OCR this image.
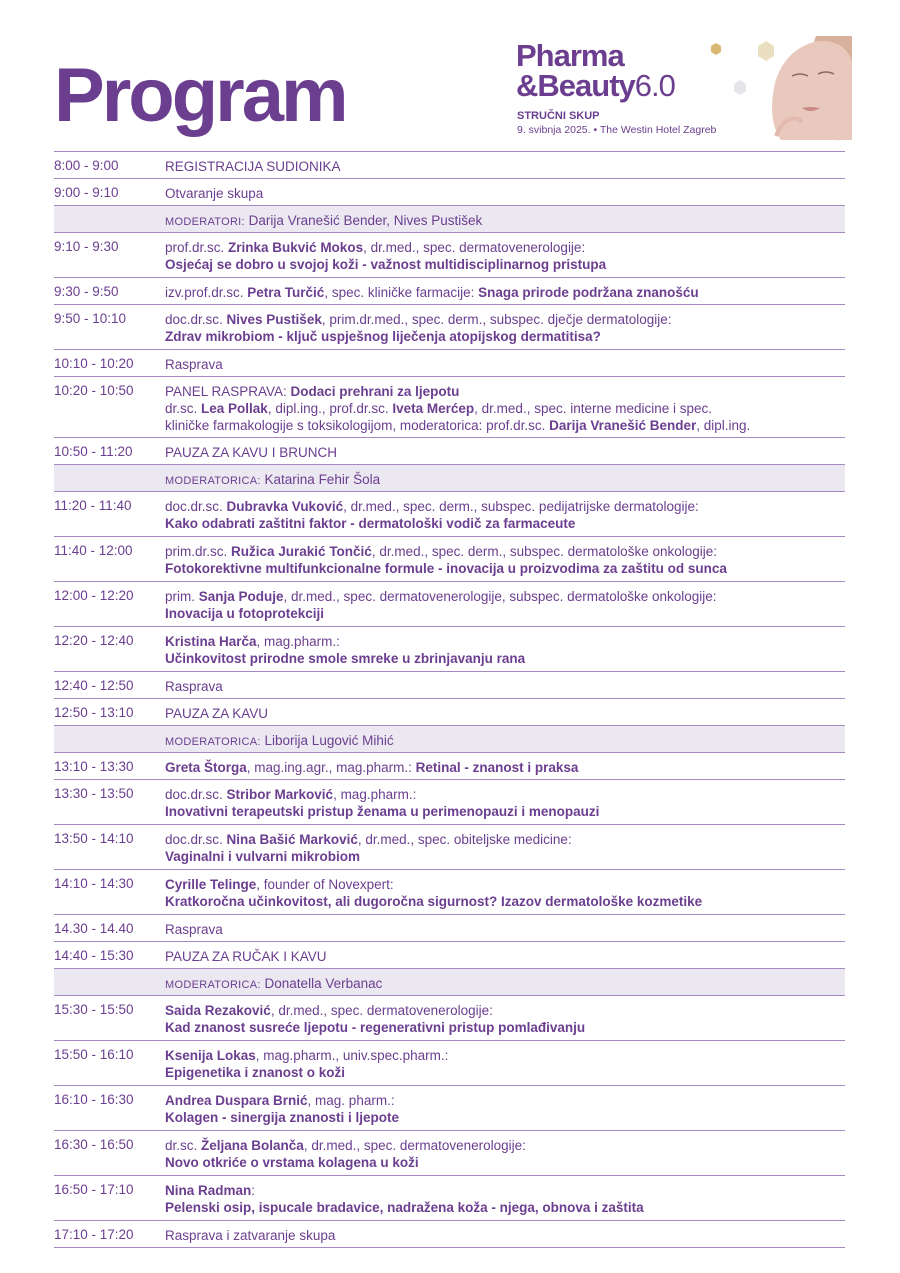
Program	Pharma
&Beauty6.0
STRUČNI SKUP
9. svibnja 2025. • The Westin Hotel Zagreb
8:00 - 9:00	REGISTRACIJA SUDIONIKA
9:00 - 9:10	Otvaranje skupa
MODERATORI: Darija Vranešić Bender, Nives Pustišek
9:10 - 9:30	prof.dr.sc. Zrinka Bukvić Mokos, dr.med., spec. dermatovenerologije:
Osjećaj se dobro u svojoj koži - važnost multidisciplinarnog pristupa
9:30 - 9:50	izv.prof.dr.sc. Petra Turčić, spec. kliničke farmacije: Snaga prirode podržana znanošću
9:50 - 10:10	doc.dr.sc. Nives Pustišek, prim.dr.med., spec. derm., subspec. dječje dermatologije:
Zdrav mikrobiom - ključ uspješnog liječenja atopijskog dermatitisa?
10:10 - 10:20 Rasprava
10:20 - 10:50 PANEL RASPRAVA: Dodaci prehrani za ljepotu
dr.sc. Lea Pollak, dipl.ing., prof.dr.sc. Iveta Merćep, dr.med., spec. interne medicine i spec.
kliničke farmakologije s toksikologijom, moderatorica: prof.dr.sc. Darija Vranešić Bender, dipl.ing.
10:50 - 11:20 PAUZA ZA KAVU I BRUNCH
MODERATORICA: Katarina Fehir Šola
11:20 - 11:40 doc.dr.sc. Dubravka Vuković, dr.med., spec. derm., subspec. pedijatrijske dermatologije:
Kako odabrati zaštitni faktor - dermatološki vodič za farmaceute
11:40 - 12:00 prim.dr.sc. Ružica Jurakić Tončić, dr.med., spec. derm., subspec. dermatološke onkologije:
Fotokorektivne multifunkcionalne formule - inovacija u proizvodima za zaštitu od sunca
12:00 - 12:20 prim. Sanja Poduje, dr.med., spec. dermatovenerologije, subspec. dermatološke onkologije:
Inovacija u fotoprotekciji
12:20 - 12:40 Kristina Harča, mag.pharm.:
Učinkovitost prirodne smole smreke u zbrinjavanju rana
12:40 - 12:50 Rasprava
12:50 - 13:10 PAUZA ZA KAVU
MODERATORICA: Liborija Lugović Mihić
13:10 - 13:30 Greta Štorga, mag.ing.agr., mag.pharm.: Retinal - znanost i praksa
13:30 - 13:50 doc.dr.sc. Stribor Marković, mag.pharm.:
Inovativni terapeutski pristup ženama u perimenopauzi i menopauzi
13:50 - 14:10 doc.dr.sc. Nina Bašić Marković, dr.med., spec. obiteljske medicine:
Vaginalni i vulvarni mikrobiom
14:10 - 14:30 Cyrille Telinge, founder of Novexpert:
Kratkoročna učinkovitost, ali dugoročna sigurnost? Izazov dermatološke kozmetike
14.30 - 14.40 Rasprava
14:40 - 15:30 PAUZA ZA RUČAK I KAVU
MODERATORICA: Donatella Verbanac
15:30 - 15:50 Saida Rezaković, dr.med., spec. dermatovenerologije:
Kad znanost susreće ljepotu - regenerativni pristup pomlađivanju
15:50 - 16:10 Ksenija Lokas, mag.pharm., univ.spec.pharm.:
Epigenetika i znanost o koži
16:10 - 16:30 Andrea Duspara Brnić, mag. pharm.:
Kolagen - sinergija znanosti i ljepote
16:30 - 16:50 dr.sc. Željana Bolanča, dr.med., spec. dermatovenerologije:
Novo otkriće o vrstama kolagena u koži
16:50 - 17:10 Nina Radman:
Pelenski osip, ispucale bradavice, nadražena koža - njega, obnova i zaštita
17:10 - 17:20 Rasprava i zatvaranje skupa
